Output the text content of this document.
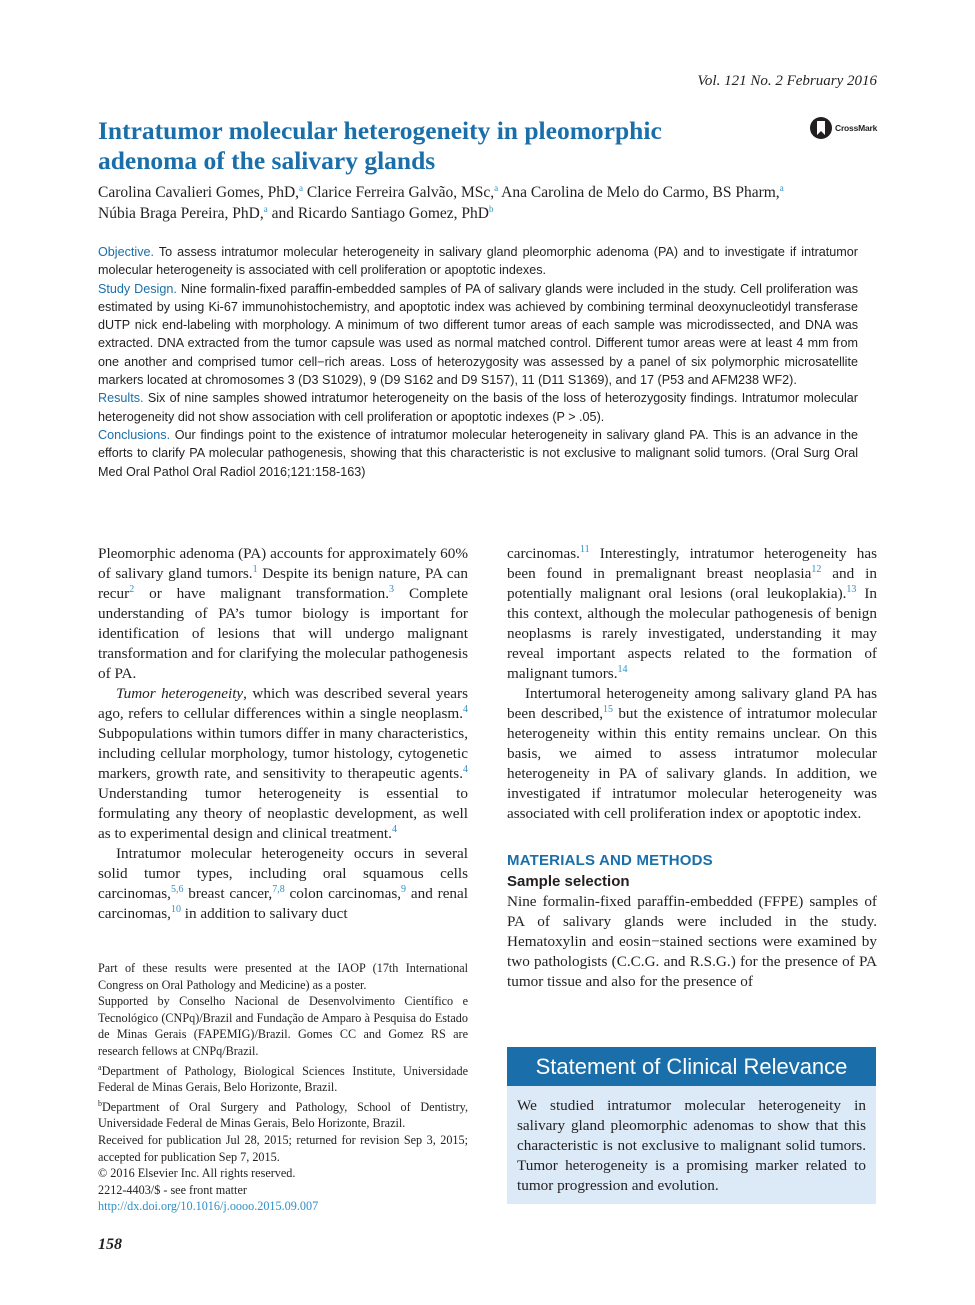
Vol. 121 No. 2 February 2016
Intratumor molecular heterogeneity in pleomorphic adenoma of the salivary glands
CrossMark
Carolina Cavalieri Gomes, PhD,$^a$ Clarice Ferreira Galvão, MSc,$^a$ Ana Carolina de Melo do Carmo, BS Pharm,$^a$
Núbia Braga Pereira, PhD,$^a$ and Ricardo Santiago Gomez, PhD$^b$

Objective. To assess intratumor molecular heterogeneity in salivary gland pleomorphic adenoma (PA) and to investigate if intratumor molecular heterogeneity is associated with cell proliferation or apoptotic indexes.

Study Design. Nine formalin-fixed paraffin-embedded samples of PA of salivary glands were included in the study. Cell proliferation was estimated by using Ki-67 immunohistochemistry, and apoptotic index was achieved by combining terminal deoxynucleotidyl transferase dUTP nick end-labeling with morphology. A minimum of two different tumor areas of each sample was microdissected, and DNA was extracted. DNA extracted from the tumor capsule was used as normal matched control. Different tumor areas were at least 4 mm from one another and comprised tumor cell−rich areas. Loss of heterozygosity was assessed by a panel of six polymorphic microsatellite markers located at chromosomes 3 (D3 S1029), 9 (D9 S162 and D9 S157), 11 (D11 S1369), and 17 (P53 and AFM238 WF2).

Results. Six of nine samples showed intratumor heterogeneity on the basis of the loss of heterozygosity findings. Intratumor molecular heterogeneity did not show association with cell proliferation or apoptotic indexes (P > .05).

Conclusions. Our findings point to the existence of intratumor molecular heterogeneity in salivary gland PA. This is an advance in the efforts to clarify PA molecular pathogenesis, showing that this characteristic is not exclusive to malignant solid tumors. (Oral Surg Oral Med Oral Pathol Oral Radiol 2016;121:158-163)

Pleomorphic adenoma (PA) accounts for approximately 60% of salivary gland tumors.$^1$ Despite its benign nature, PA can recur$^2$ or have malignant transformation.$^3$ Complete understanding of PA’s tumor biology is important for identification of lesions that will undergo malignant transformation and for clarifying the molecular pathogenesis of PA.

Tumor heterogeneity, which was described several years ago, refers to cellular differences within a single neoplasm.$^4$ Subpopulations within tumors differ in many characteristics, including cellular morphology, tumor histology, cytogenetic markers, growth rate, and sensitivity to therapeutic agents.$^4$ Understanding tumor heterogeneity is essential to formulating any theory of neoplastic development, as well as to experimental design and clinical treatment.$^4$

Intratumor molecular heterogeneity occurs in several solid tumor types, including oral squamous cells carcinomas,$^{5,6}$ breast cancer,$^{7,8}$ colon carcinomas,$^9$ and renal carcinomas,$^{10}$ in addition to salivary duct

carcinomas.$^{11}$ Interestingly, intratumor heterogeneity has been found in premalignant breast neoplasia$^{12}$ and in potentially malignant oral lesions (oral leukoplakia).$^{13}$ In this context, although the molecular pathogenesis of benign neoplasms is rarely investigated, understanding it may reveal important aspects related to the formation of malignant tumors.$^{14}$

Intertumoral heterogeneity among salivary gland PA has been described,$^{15}$ but the existence of intratumor molecular heterogeneity within this entity remains unclear. On this basis, we aimed to assess intratumor molecular heterogeneity in PA of salivary glands. In addition, we investigated if intratumor molecular heterogeneity was associated with cell proliferation index or apoptotic index.

MATERIALS AND METHODS
Sample selection

Nine formalin-fixed paraffin-embedded (FFPE) samples of PA of salivary glands were included in the study. Hematoxylin and eosin−stained sections were examined by two pathologists (C.C.G. and R.S.G.) for the presence of PA tumor tissue and also for the presence of

Part of these results were presented at the IAOP (17th International Congress on Oral Pathology and Medicine) as a poster.

Supported by Conselho Nacional de Desenvolvimento Científico e Tecnológico (CNPq)/Brazil and Fundação de Amparo à Pesquisa do Estado de Minas Gerais (FAPEMIG)/Brazil. Gomes CC and Gomez RS are research fellows at CNPq/Brazil.

$^a$Department of Pathology, Biological Sciences Institute, Universidade Federal de Minas Gerais, Belo Horizonte, Brazil.

$^b$Department of Oral Surgery and Pathology, School of Dentistry, Universidade Federal de Minas Gerais, Belo Horizonte, Brazil.

Received for publication Jul 28, 2015; returned for revision Sep 3, 2015; accepted for publication Sep 7, 2015.

© 2016 Elsevier Inc. All rights reserved.

2212-4403/$ - see front matter

http://dx.doi.org/10.1016/j.oooo.2015.09.007

Statement of Clinical Relevance
We studied intratumor molecular heterogeneity in salivary gland pleomorphic adenomas to show that this characteristic is not exclusive to malignant solid tumors. Tumor heterogeneity is a promising marker related to tumor progression and evolution.
158
